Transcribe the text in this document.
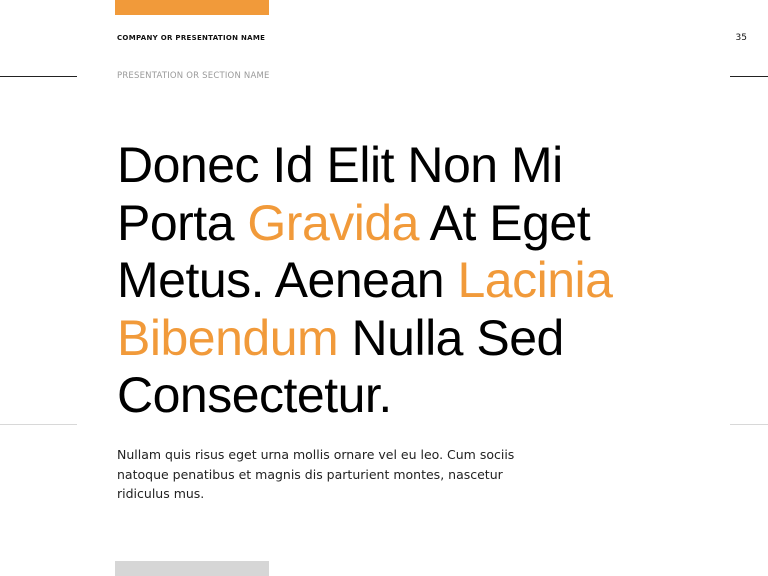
COMPANY OR PRESENTATION NAME	35
PRESENTATION OR SECTION NAME
Donec Id Elit Non Mi
Porta Gravida At Eget
Metus. Aenean Lacinia
Bibendum Nulla Sed
Consectetur.

Nullam quis risus eget urna mollis ornare vel eu leo. Cum sociis natoque penatibus et magnis dis parturient montes, nascetur ridiculus mus.
